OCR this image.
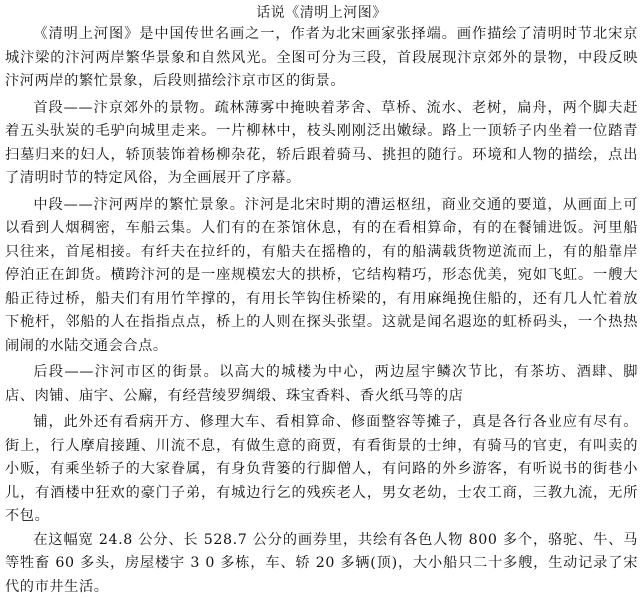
话说《清明上河图》

《清明上河图》是中国传世名画之一，作者为北宋画家张择端。画作描绘了清明时节北宋京城汴梁的汴河两岸繁华景象和自然风光。全图可分为三段，首段展现汴京郊外的景物，中段反映汴河两岸的繁忙景象，后段则描绘汴京市区的街景。

首段——汴京郊外的景物。疏林薄雾中掩映着茅舍、草桥、流水、老树，扁舟，两个脚夫赶着五头驮炭的毛驴向城里走来。一片柳林中，枝头刚刚泛出嫩绿。路上一顶轿子内坐着一位踏青扫墓归来的妇人，轿顶装饰着杨柳杂花，轿后跟着骑马、挑担的随行。环境和人物的描绘，点出了清明时节的特定风俗，为全画展开了序幕。

中段——汴河两岸的繁忙景象。汴河是北宋时期的漕运枢纽，商业交通的要道，从画面上可以看到人烟稠密，车船云集。人们有的在茶馆休息，有的在看相算命，有的在餐铺进饭。河里船只往来，首尾相接。有纤夫在拉纤的，有船夫在摇橹的，有的船满载货物逆流而上，有的船靠岸停泊正在卸货。横跨汴河的是一座规模宏大的拱桥，它结构精巧，形态优美，宛如飞虹。一艘大船正待过桥，船夫们有用竹竿撑的，有用长竿钩住桥梁的，有用麻绳挽住船的，还有几人忙着放下桅杆，邻船的人在指指点点，桥上的人则在探头张望。这就是闻名遐迩的虹桥码头，一个热热闹闹的水陆交通会合点。

后段——汴河市区的街景。以高大的城楼为中心，两边屋宇鳞次节比，有茶坊、酒肆、脚店、肉铺、庙宇、公廨，有经营绫罗绸缎、珠宝香料、香火纸马等的店

铺，此外还有看病开方、修理大车、看相算命、修面整容等摊子，真是各行各业应有尽有。街上，行人摩肩接踵、川流不息，有做生意的商贾，有看街景的士绅，有骑马的官吏，有叫卖的小贩，有乘坐轿子的大家眷属，有身负背篓的行脚僧人，有问路的外乡游客，有听说书的街巷小儿，有酒楼中狂欢的豪门子弟，有城边行乞的残疾老人，男女老幼，士农工商，三教九流，无所不包。

在这幅宽 24.8 公分、长 528.7 公分的画券里，共绘有各色人物 800 多个，骆驼、牛、马等牲畜 60 多头，房屋楼宇 3 0 多栋，车、轿 20 多辆(顶)，大小船只二十多艘，生动记录了宋代的市井生活。
